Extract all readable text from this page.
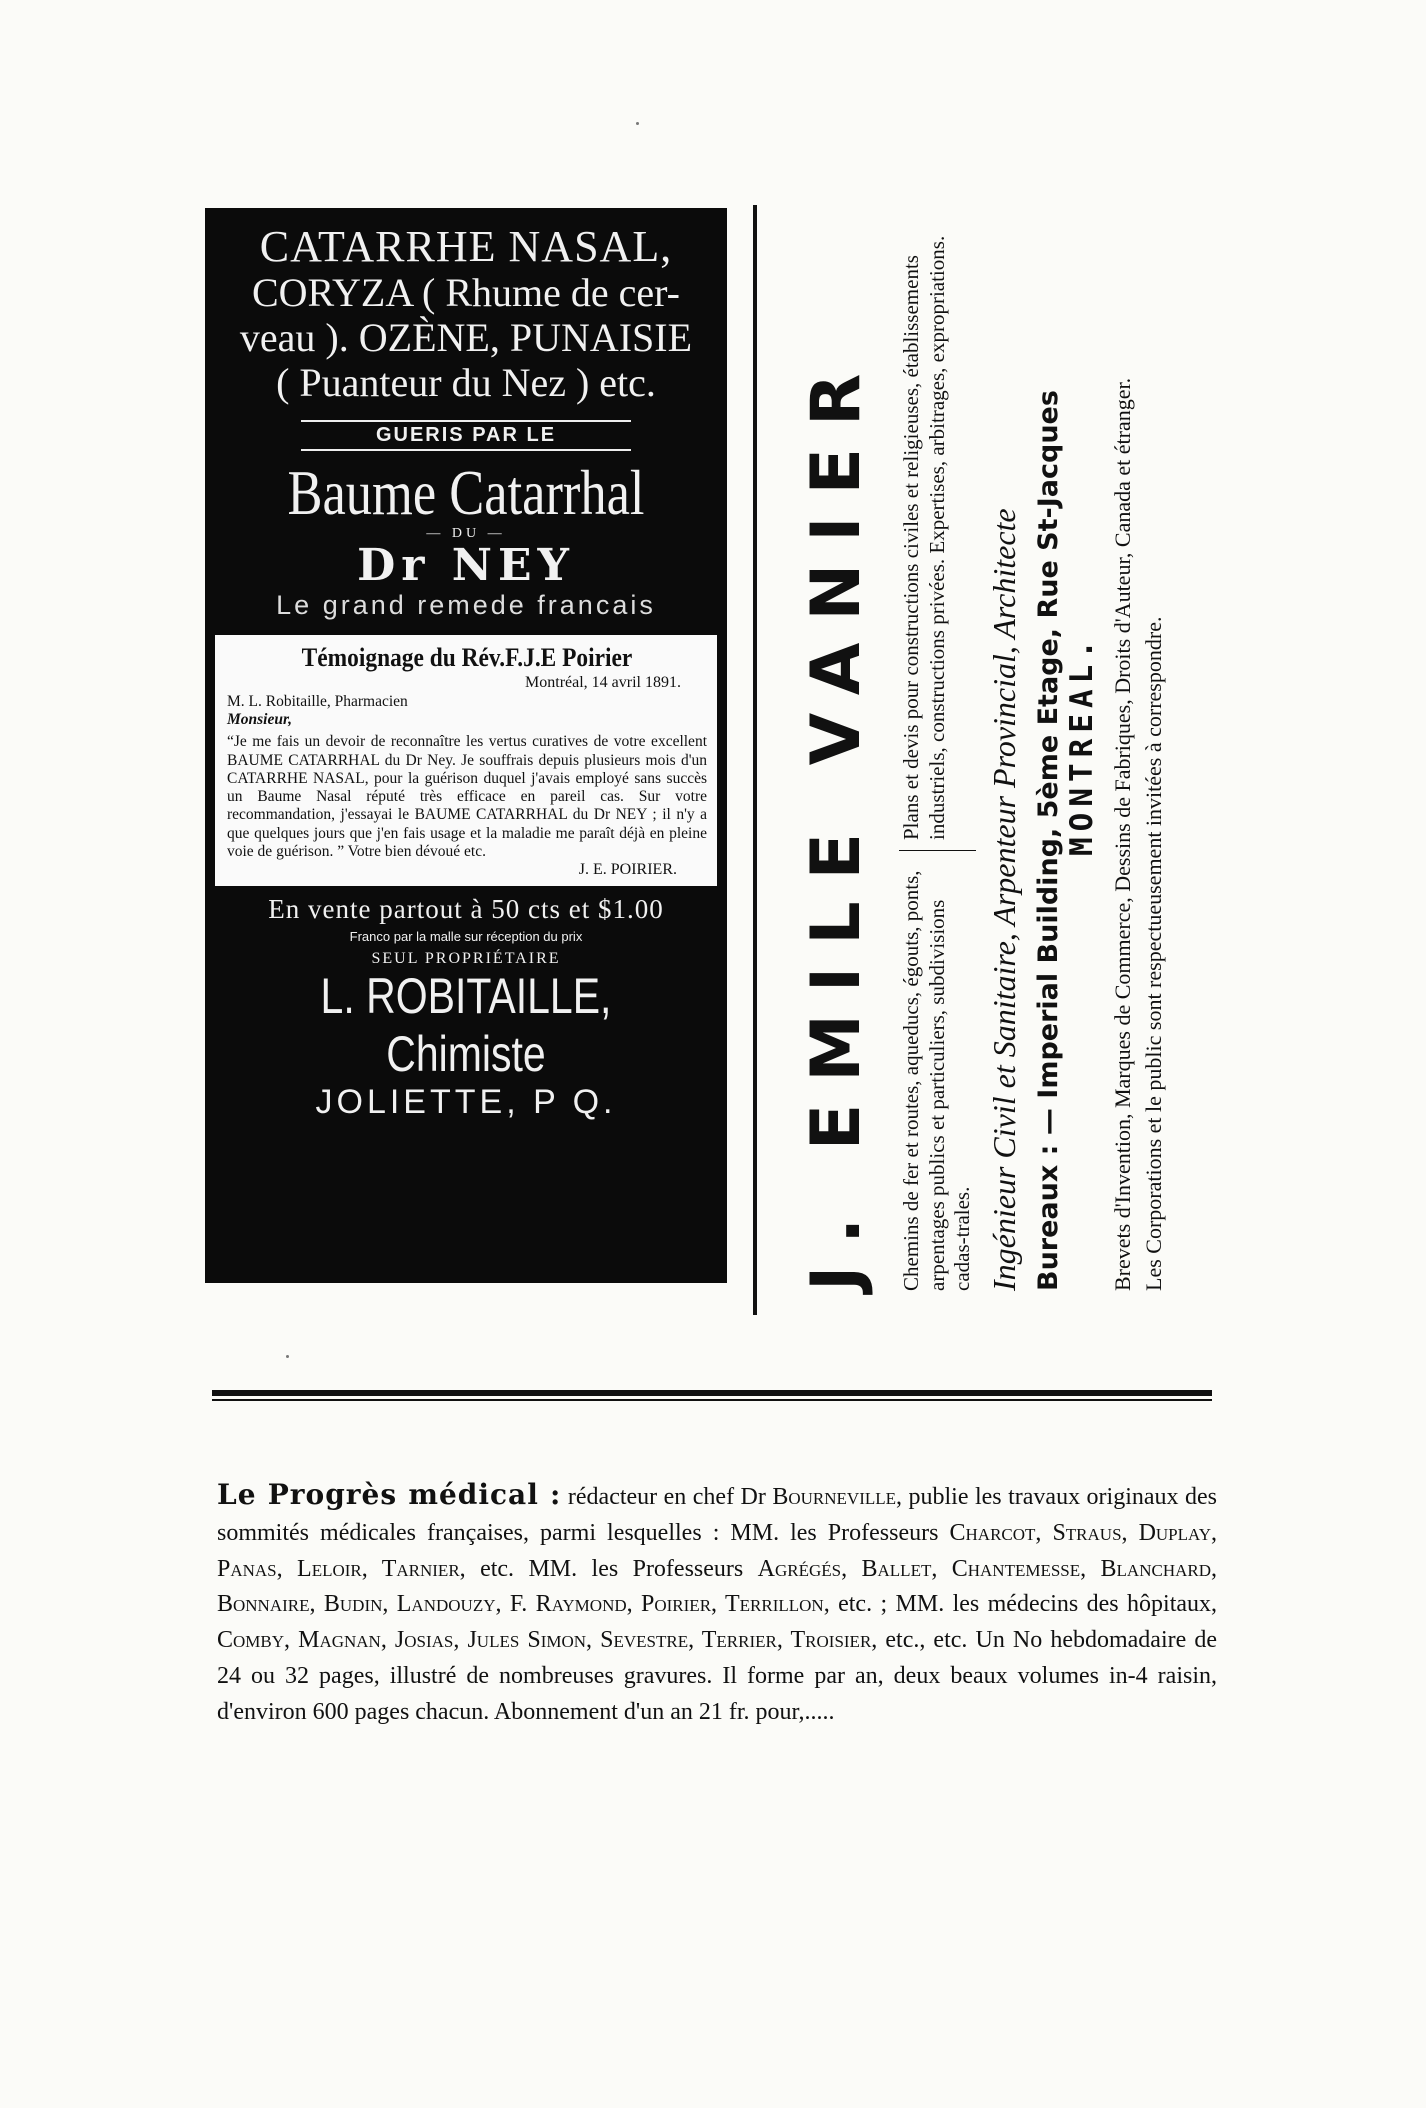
CATARRHE NASAL,
CORYZA ( Rhume de cer-
veau ). OZÈNE, PUNAISIE
( Puanteur du Nez ) etc.
GUERIS PAR LE
Baume Catarrhal
— DU —
Dr NEY
Le grand remede francais
Témoignage du Rév.F.J.E Poirier
Montréal, 14 avril 1891.
M. L. Robitaille, Pharmacien
Monsieur,

“Je me fais un devoir de reconnaître les vertus curatives de votre excellent BAUME CATARRHAL du Dr Ney. Je souffrais depuis plusieurs mois d'un CATARRHE NASAL, pour la guérison duquel j'avais employé sans succès un Baume Nasal réputé très efficace en pareil cas. Sur votre recommandation, j'essayai le BAUME CATARRHAL du Dr NEY ; il n'y a que quelques jours que j'en fais usage et la maladie me paraît déjà en pleine voie de guérison. ” Votre bien dévoué etc.

J. E. POIRIER.
En vente partout à 50 cts et $1.00
Franco par la malle sur réception du prix
SEUL PROPRIÉTAIRE
L. ROBITAILLE, Chimiste
JOLIETTE, P Q.	J. EMILE VANIER	Chemins de fer et routes, aqueducs, égouts, ponts, arpentages publics et particuliers, subdivisions cadas-trales.
Plans et devis pour constructions civiles et religieuses, établissements industriels, constructions privées. Expertises, arbitrages, expropriations.	Ingénieur Civil et Sanitaire, Arpenteur Provincial, Architecte Bureaux : — Imperial Building, 5ème Etage, Rue St-Jacques MONTREAL. Brevets d'Invention, Marques de Commerce, Dessins de Fabriques, Droits d'Auteur, Canada et étranger. Les Corporations et le public sont respectueusement invitées à correspondre.
Le Progrès médical : rédacteur en chef Dr Bourneville, publie les travaux originaux des sommités médicales françaises, parmi lesquelles : MM. les Professeurs Charcot, Straus, Duplay, Panas, Leloir, Tarnier, etc. MM. les Professeurs Agrégés, Ballet, Chantemesse, Blanchard, Bonnaire, Budin, Landouzy, F. Raymond, Poirier, Terrillon, etc. ; MM. les médecins des hôpitaux, Comby, Magnan, Josias, Jules Simon, Sevestre, Terrier, Troisier, etc., etc. Un No hebdomadaire de 24 ou 32 pages, illustré de nombreuses gravures. Il forme par an, deux beaux volumes in-4 raisin, d'environ 600 pages chacun. Abonnement d'un an 21 fr. pour,.....
